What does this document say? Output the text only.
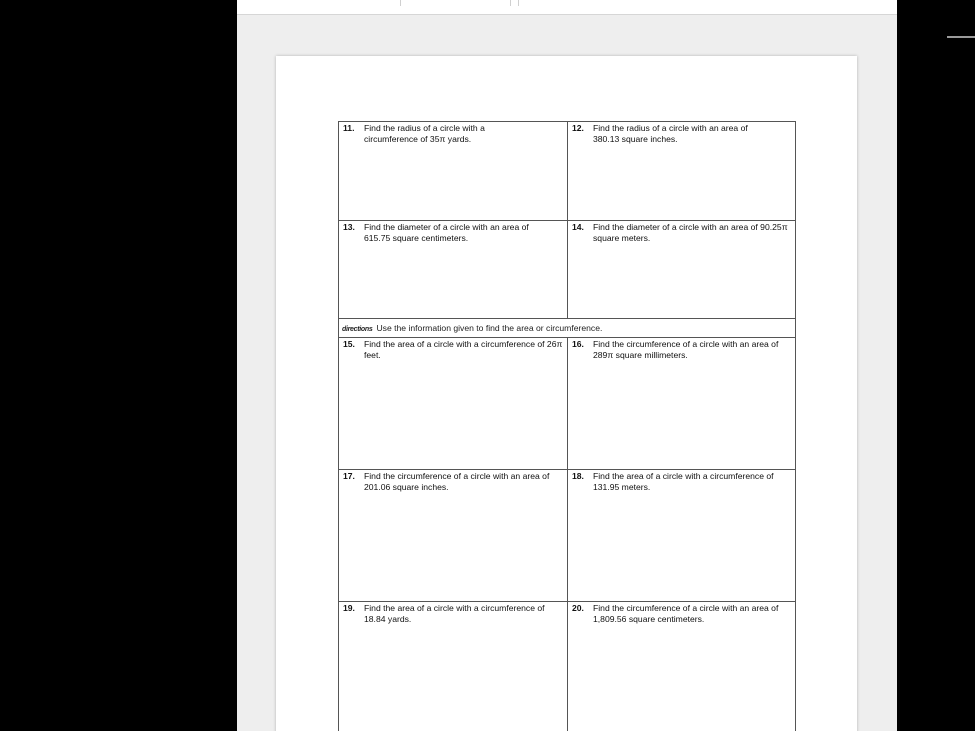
11.	Find the radius of a circle with a circumference of 35π yards.
12.	Find the radius of a circle with an area of 380.13 square inches.
13.	Find the diameter of a circle with an area of 615.75 square centimeters.
14.	Find the diameter of a circle with an area of 90.25π square meters.
directions Use the information given to find the area or circumference.
15.	Find the area of a circle with a circumference of 26π feet.
16.	Find the circumference of a circle with an area of 289π square millimeters.
17.	Find the circumference of a circle with an area of 201.06 square inches.
18.	Find the area of a circle with a circumference of 131.95 meters.
19.	Find the area of a circle with a circumference of 18.84 yards.
20.	Find the circumference of a circle with an area of 1,809.56 square centimeters.
